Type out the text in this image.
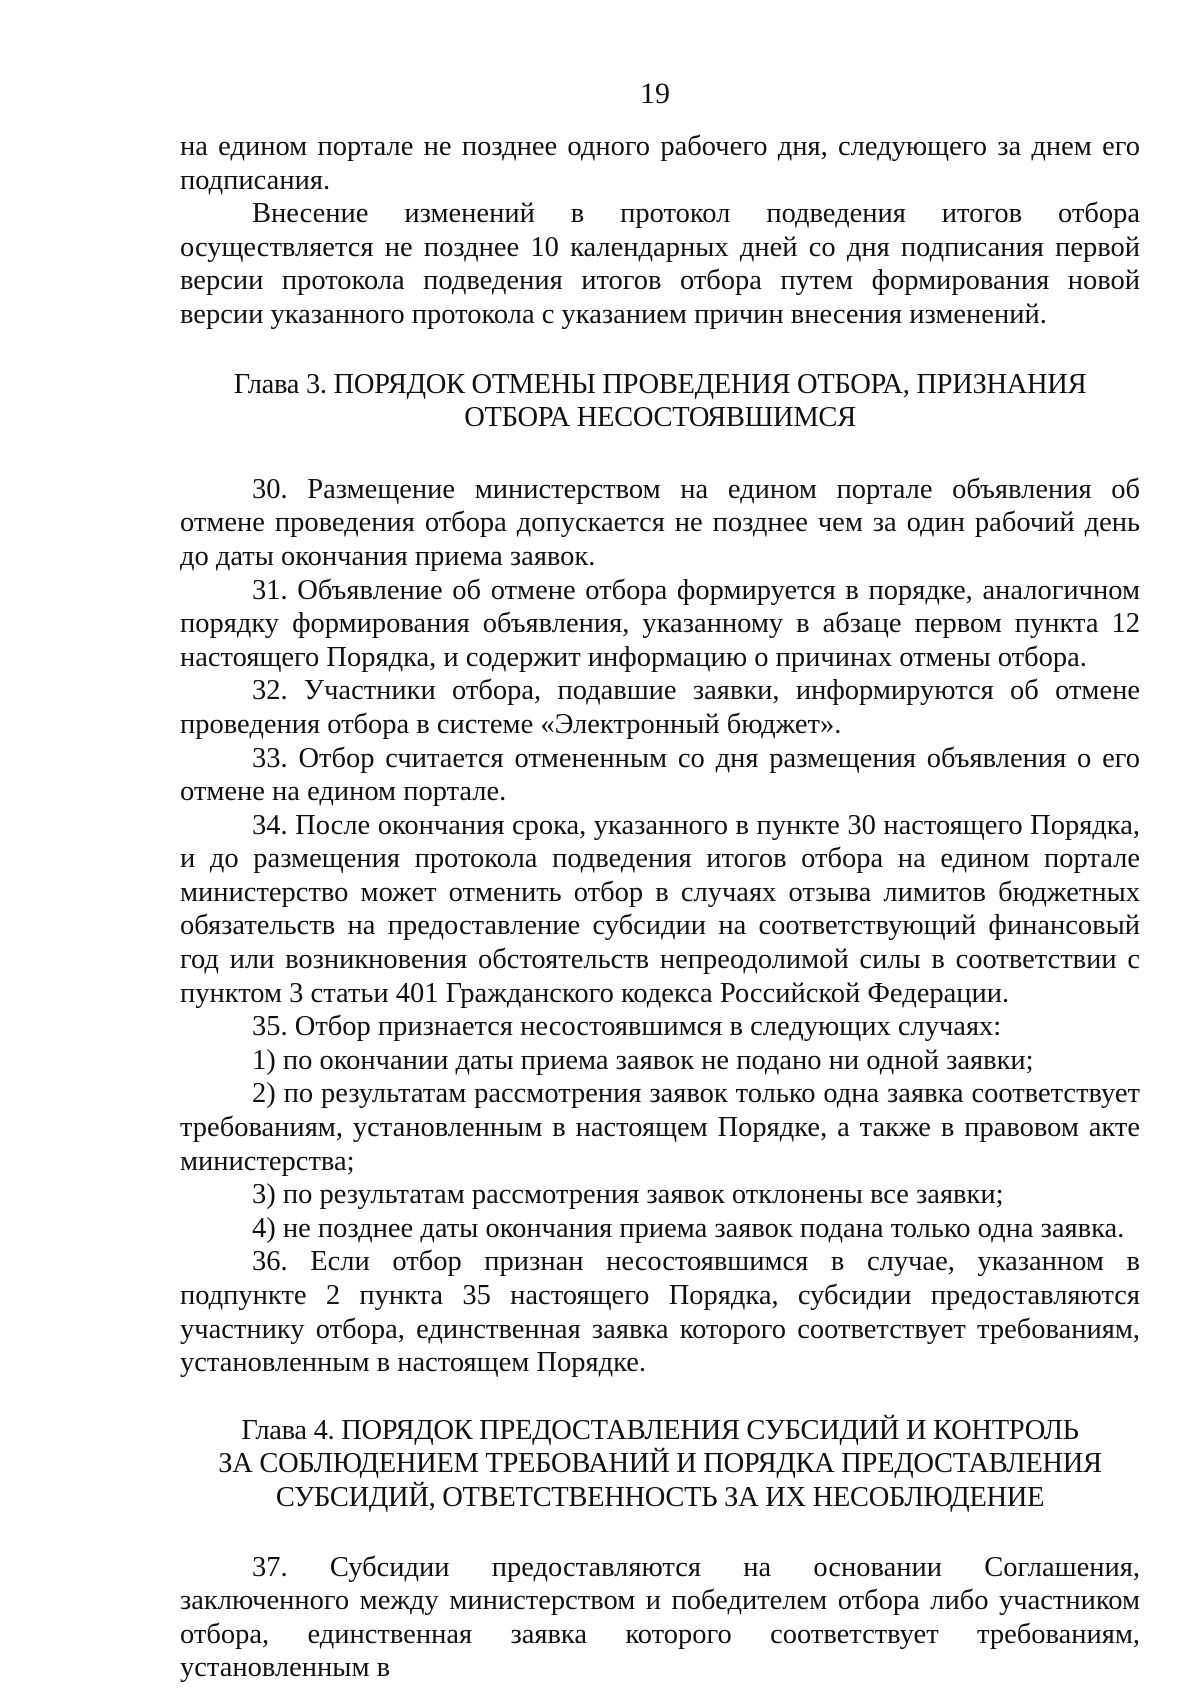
19

на едином портале не позднее одного рабочего дня, следующего за днем его подписания.

Внесение изменений в протокол подведения итогов отбора осуществляется не позднее 10 календарных дней со дня подписания первой версии протокола подведения итогов отбора путем формирования новой версии указанного протокола с указанием причин внесения изменений.

Глава 3. ПОРЯДОК ОТМЕНЫ ПРОВЕДЕНИЯ ОТБОРА, ПРИЗНАНИЯ
ОТБОРА НЕСОСТОЯВШИМСЯ

30. Размещение министерством на едином портале объявления об отмене проведения отбора допускается не позднее чем за один рабочий день до даты окончания приема заявок.

31. Объявление об отмене отбора формируется в порядке, аналогичном порядку формирования объявления, указанному в абзаце первом пункта 12 настоящего Порядка, и содержит информацию о причинах отмены отбора.

32. Участники отбора, подавшие заявки, информируются об отмене проведения отбора в системе «Электронный бюджет».

33. Отбор считается отмененным со дня размещения объявления о его отмене на едином портале.

34. После окончания срока, указанного в пункте 30 настоящего Порядка, и до размещения протокола подведения итогов отбора на едином портале министерство может отменить отбор в случаях отзыва лимитов бюджетных обязательств на предоставление субсидии на соответствующий финансовый год или возникновения обстоятельств непреодолимой силы в соответствии с пунктом 3 статьи 401 Гражданского кодекса Российской Федерации.

35. Отбор признается несостоявшимся в следующих случаях:

1) по окончании даты приема заявок не подано ни одной заявки;

2) по результатам рассмотрения заявок только одна заявка соответствует требованиям, установленным в настоящем Порядке, а также в правовом акте министерства;

3) по результатам рассмотрения заявок отклонены все заявки;

4) не позднее даты окончания приема заявок подана только одна заявка.

36. Если отбор признан несостоявшимся в случае, указанном в подпункте 2 пункта 35 настоящего Порядка, субсидии предоставляются участнику отбора, единственная заявка которого соответствует требованиям, установленным в настоящем Порядке.

Глава 4. ПОРЯДОК ПРЕДОСТАВЛЕНИЯ СУБСИДИЙ И КОНТРОЛЬ
ЗА СОБЛЮДЕНИЕМ ТРЕБОВАНИЙ И ПОРЯДКА ПРЕДОСТАВЛЕНИЯ
СУБСИДИЙ, ОТВЕТСТВЕННОСТЬ ЗА ИХ НЕСОБЛЮДЕНИЕ

37. Субсидии предоставляются на основании Соглашения, заключенного между министерством и победителем отбора либо участником отбора, единственная заявка которого соответствует требованиям, установленным в
